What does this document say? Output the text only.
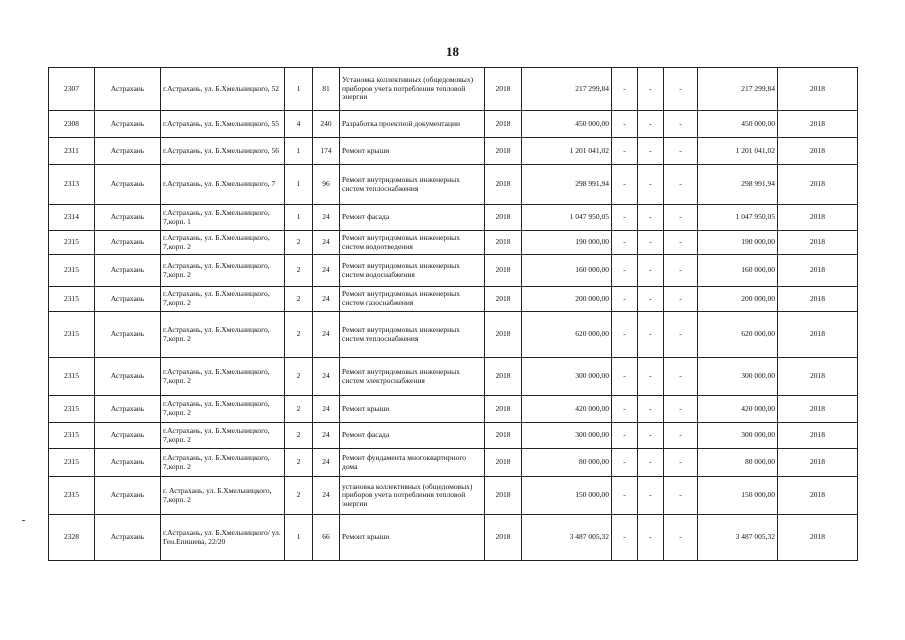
18
2307	Астрахань	г.Астрахань, ул. Б.Хмельницкого, 52	1	81	Установка коллективных (общедомовых) приборов учета потребления тепловой энергии	2018	217 299,84	-	-	-	217 299,84	2018
2308	Астрахань	г.Астрахань, ул. Б.Хмельницкого, 55	4	240	Разработка проектной документации	2018	450 000,00	-	-	-	450 000,00	2018
2311	Астрахань	г.Астрахань, ул. Б.Хмельницкого, 56	1	174	Ремонт крыши	2018	1 201 041,02	-	-	-	1 201 041,02	2018
2313	Астрахань	г.Астрахань, ул. Б.Хмельницкого, 7	1	96	Ремонт внутридомовых инженерных систем теплоснабжения	2018	298 991,94	-	-	-	298 991,94	2018
2314	Астрахань	г.Астрахань, ул. Б.Хмельницкого, 7,корп. 1	1	24	Ремонт фасада	2018	1 047 950,05	-	-	-	1 047 950,05	2018
2315	Астрахань	г.Астрахань, ул. Б.Хмельницкого, 7,корп. 2	2	24	Ремонт внутридомовых инженерных систем водоотведения	2018	190 000,00	-	-	-	190 000,00	2018
2315	Астрахань	г.Астрахань, ул. Б.Хмельницкого, 7,корп. 2	2	24	Ремонт внутридомовых инженерных систем водоснабжения	2018	160 000,00	-	-	-	160 000,00	2018
2315	Астрахань	г.Астрахань, ул. Б.Хмельницкого, 7,корп. 2	2	24	Ремонт внутридомовых инженерных систем газоснабжения	2018	200 000,00	-	-	-	200 000,00	2018
2315	Астрахань	г.Астрахань, ул. Б.Хмельницкого, 7,корп. 2	2	24	Ремонт внутридомовых инженерных систем теплоснабжения	2018	620 000,00	-	-	-	620 000,00	2018
2315	Астрахань	г.Астрахань, ул. Б.Хмельницкого, 7,корп. 2	2	24	Ремонт внутридомовых инженерных систем электроснабжения	2018	300 000,00	-	-	-	300 000,00	2018
2315	Астрахань	г.Астрахань, ул. Б.Хмельницкого, 7,корп. 2	2	24	Ремонт крыши	2018	420 000,00	-	-	-	420 000,00	2018
2315	Астрахань	г.Астрахань, ул. Б.Хмельницкого, 7,корп. 2	2	24	Ремонт фасада	2018	300 000,00	-	-	-	300 000,00	2018
2315	Астрахань	г.Астрахань, ул. Б.Хмельницкого, 7,корп. 2	2	24	Ремонт фундамента многоквартирного дома	2018	80 000,00	-	-	-	80 000,00	2018
2315	Астрахань	г. Астрахань, ул. Б.Хмельницкого, 7,корп. 2	2	24	установка коллективных (общедомовых) приборов учета потребления тепловой энергии	2018	150 000,00	-	-	-	150 000,00	2018
2328	Астрахань	г.Астрахань, ул. Б.Хмельницкого/ ул. Ген.Епишева, 22/20	1	66	Ремонт крыши	2018	3 487 005,32	-	-	-	3 487 005,32	2018
